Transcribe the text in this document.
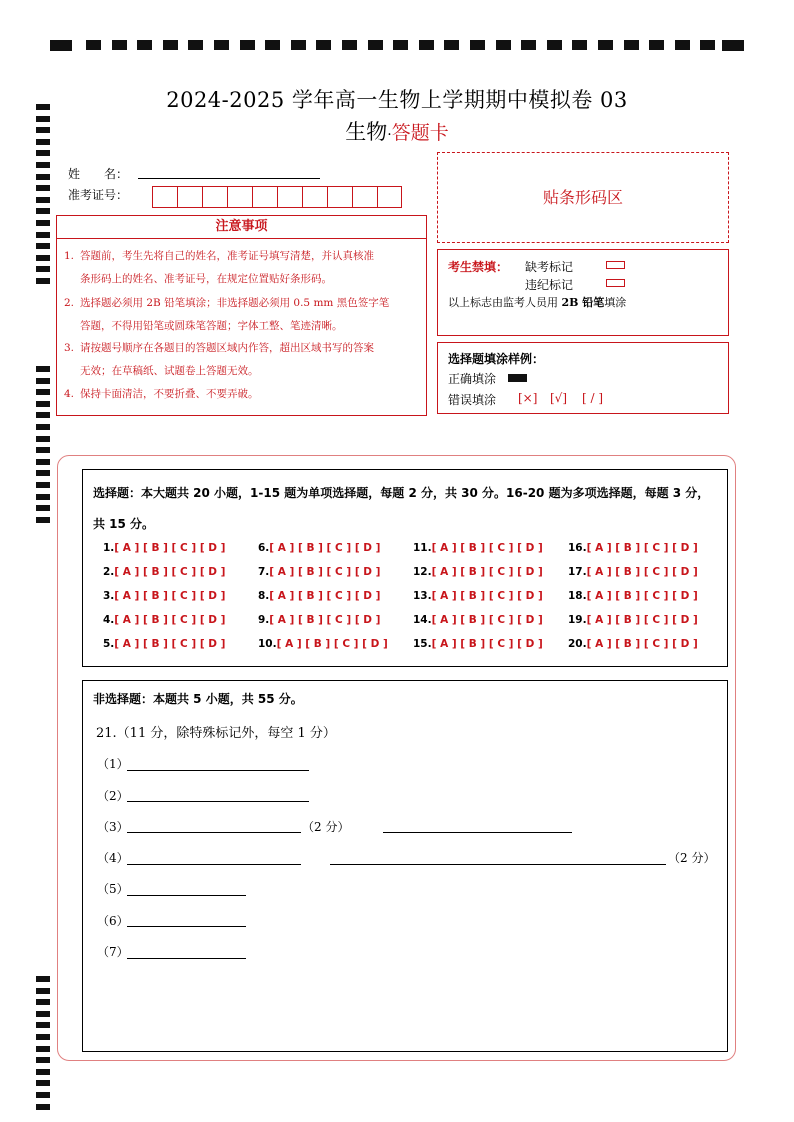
2024-2025 学年高一生物上学期期中模拟卷 03
生物·答题卡
姓　　名：
准考证号：
注意事项
1. 答题前，考生先将自己的姓名，准考证号填写清楚，并认真核准
条形码上的姓名、准考证号，在规定位置贴好条形码。
2. 选择题必须用 2B 铅笔填涂；非选择题必须用 0.5 mm 黑色签字笔
答题，不得用铅笔或圆珠笔答题；字体工整、笔迹清晰。
3. 请按题号顺序在各题目的答题区域内作答，超出区域书写的答案
无效；在草稿纸、试题卷上答题无效。
4. 保持卡面清洁，不要折叠、不要弄破。
贴条形码区
考生禁填： 缺考标记
违纪标记
以上标志由监考人员用 2B 铅笔填涂
选择题填涂样例：
正确填涂
错误填涂 [×] [√] [ / ]
选择题：本大题共 20 小题，1-15 题为单项选择题，每题 2 分，共 30 分。16-20 题为多项选择题，每题 3 分，共 15 分。
1.[ A ] [ B ] [ C ] [ D ]
2.[ A ] [ B ] [ C ] [ D ]
3.[ A ] [ B ] [ C ] [ D ]
4.[ A ] [ B ] [ C ] [ D ]
5.[ A ] [ B ] [ C ] [ D ]
6.[ A ] [ B ] [ C ] [ D ]
7.[ A ] [ B ] [ C ] [ D ]
8.[ A ] [ B ] [ C ] [ D ]
9.[ A ] [ B ] [ C ] [ D ]
10.[ A ] [ B ] [ C ] [ D ]
11.[ A ] [ B ] [ C ] [ D ]
12.[ A ] [ B ] [ C ] [ D ]
13.[ A ] [ B ] [ C ] [ D ]
14.[ A ] [ B ] [ C ] [ D ]
15.[ A ] [ B ] [ C ] [ D ]
16.[ A ] [ B ] [ C ] [ D ]
17.[ A ] [ B ] [ C ] [ D ]
18.[ A ] [ B ] [ C ] [ D ]
19.[ A ] [ B ] [ C ] [ D ]
20.[ A ] [ B ] [ C ] [ D ]
非选择题：本题共 5 小题，共 55 分。
21.（11 分，除特殊标记外，每空 1 分）
（1）
（2）
（3）	（2 分）
（4）	（2 分）
（5）
（6）
（7）
